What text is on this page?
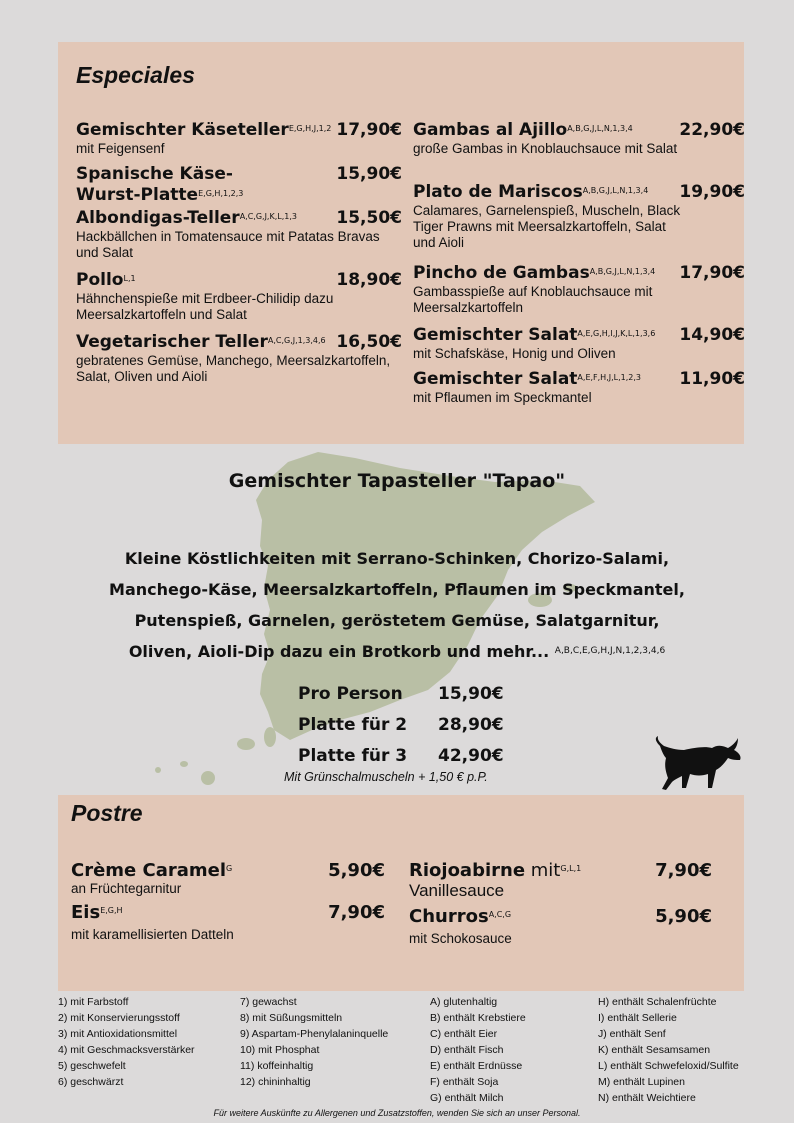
Especiales
Gemischter Käseteller$^{E,G,H,J,1,2}$ 17,90€
mit Feigensenf
Spanische Käse-Wurst-Platte$^{E,G,H,1,2,3}$
15,90€
Albondigas-Teller$^{A,C,G,J,K,L,1,3}$	15,50€
Hackbällchen in Tomatensauce mit Patatas Bravas und Salat
Pollo$^{L,1}$	18,90€
Hähnchenspieße mit Erdbeer-Chilidip dazu Meersalzkartoffeln und Salat
Vegetarischer Teller$^{A,C,G,J,1,3,4,6}$ 16,50€
gebratenes Gemüse, Manchego, Meersalzkartoffeln, Salat, Oliven und Aioli
Gambas al Ajillo$^{A,B,G,J,L,N,1,3,4}$	22,90€
große Gambas in Knoblauchsauce mit Salat
Plato de Mariscos$^{A,B,G,J,L,N,1,3,4}$	19,90€
Calamares, Garnelenspieß, Muscheln, Black Tiger Prawns mit Meersalzkartoffeln, Salat und Aioli
Pincho de Gambas$^{A,B,G,J,L,N,1,3,4}$	17,90€
Gambasspieße auf Knoblauchsauce mit Meersalzkartoffeln
Gemischter Salat$^{A,E,G,H,I,J,K,L,1,3,6}$	14,90€
mit Schafskäse, Honig und Oliven
Gemischter Salat$^{A,E,F,H,J,L,1,2,3}$	11,90€
mit Pflaumen im Speckmantel
Gemischter Tapasteller "Tapao"
Kleine Köstlichkeiten mit Serrano-Schinken, Chorizo-Salami,
Manchego-Käse, Meersalzkartoffeln, Pflaumen im Speckmantel,
Putenspieß, Garnelen, geröstetem Gemüse, Salatgarnitur,
Oliven, Aioli-Dip dazu ein Brotkorb und mehr... $^{A,B,C,E,G,H,J,N,1,2,3,4,6}$
Pro Person 15,90€
Platte für 2 28,90€
Platte für 3 42,90€
Mit Grünschalmuscheln + 1,50 € p.P.
Postre
Crème Caramel$^G$	5,90€
an Früchtegarnitur
Eis$^{E,G,H}$	7,90€
mit karamellisierten Datteln
Riojoabirne mit$^{G,L,1}$	7,90€
Vanillesauce
Churros$^{A,C,G}$	5,90€
mit Schokosauce
1) mit Farbstoff
2) mit Konservierungsstoff
3) mit Antioxidationsmittel
4) mit Geschmacksverstärker
5) geschwefelt
6) geschwärzt
7) gewachst
8) mit Süßungsmitteln
9) Aspartam-Phenylalaninquelle
10) mit Phosphat
11) koffeinhaltig
12) chininhaltig
A) glutenhaltig
B) enthält Krebstiere
C) enthält Eier
D) enthält Fisch
E) enthält Erdnüsse
F) enthält Soja
G) enthält Milch
H) enthält Schalenfrüchte
I) enthält Sellerie
J) enthält Senf
K) enthält Sesamsamen
L) enthält Schwefeloxid/Sulfite
M) enthält Lupinen
N) enthält Weichtiere
Für weitere Auskünfte zu Allergenen und Zusatzstoffen, wenden Sie sich an unser Personal.
